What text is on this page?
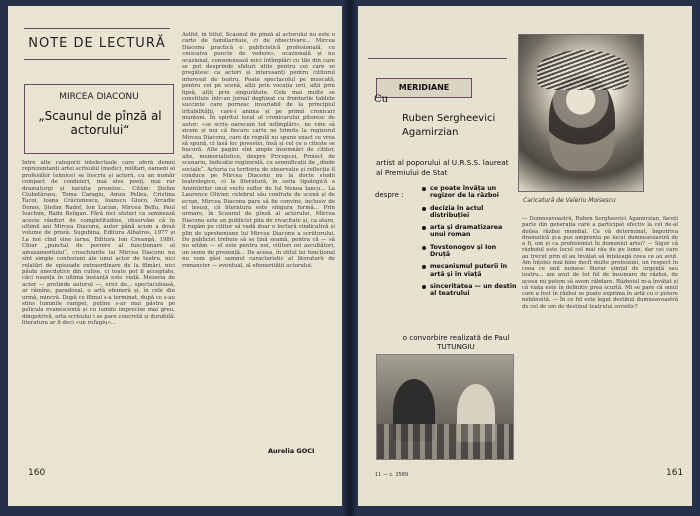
NOTE DE LECTURĂ
MIRCEA DIACONU
„Scaunul de pînză al actorului“
Intre alte categorii intelectuale care oferă demni reprezentanți artei scrisului (medici, militari, oameni ai profesiilor tehnice) se înscriu și actorii, cu un număr compact de condeieri, mai ales poeți, mai rar dramaturgi și narația prozelor... Cităm: Ștefan Ciubotărașu, Toma Caragiu, Amza Pellea, Cristina Tacoi, Ioana Crăciunescu, Ioanscu Gioco, Arcadie Donos, Ștefan Radof, Ion Lucian, Mircea Bellu, Paul Ioachim, Radu Beligan. Fără nici sfaturi ca semnează aceste rânduri de completitudine, observăm că în ultimii ani Mircea Diaconu, autor până acum a două volume de proză: Sugubina, Editura Albatros, 1977 și La noi cînd vine iarna, Editura Ion Creangă, 1980. Chiar „punctul de pornire al funcționare al amuzamentului“, croschiurile lui Mircea Diaconu nu sînt simple confesiuni ale unui actor de teatru, nici relatări de episoade extraordinare de la filmări, nici păuțe anecdotice din culise, ci toate pot fi acceptate, căci nuanța în ultima instanță este viață. Meseria de actor — pretinde autorul —, orici de... spectaculoasă, ar rămîne, paradoxal, o artă efemeră și, în cele din urmă, mincră. După ce filmul s-a terminat, după ce s-au stins luminile rampei, puține s-ar mai păstra pe pelicula evanescentă și cu lumini imprecise mai greu, dimpotrivă, arta scrisului i se pare concretă și durabilă: literatura ar fi deci «un refugiu»...
Astfel, în titlul, Scaunul de pînză al actorului nu este o carte de familiaritate, ci de obiectivare... Mircea Diaconu practică o publicistică profesională, cu «niscaiva puncte de vedere», ocazională și nu ocazional, consemnează mici întîmplări cu tile din care se pot desprinde sfaturi utile pentru cei care se pregătesc ca actori și interesanți pentru cititorul interesat de teatru. Poate spectacolul pe muscată, pentru cei pe scenă, alții prin vocația urii, alții prin lipsă, alții prin singurătate. Cele mai multe se constituie într-un jurnal deghizat cu fronturile tablete succinte care pornesc invariabil de la principiul iritabilității, care-i anima și pe primii cronicari munteni. În spiritul local al cronicarului pitoresc de autor: «se scriu oarecum tot intîmplări», ne vine să zicem și noi că fiecare carte ne trimite la regizorul Mircea Diaconu, care de regulă nu spune exact ce vrea să spună, ci lasă loc povestei, însă și cel ce o citește se bucură. Alte pagini sînt ample însemnări de cititor, alte, memorialistice, despre Pricepcei, Proiect de scenariu, Indicatie regizorală, cu semnificații de „dînde sociale“. Actoria ca teritoriu de observație și reflecție îl conduce pe Mircea Diaconu nu la docte studii teatrologice, ci la literatură, în seria tipologică a Amintirilor unui vechi suflor de Iul Nenea Iancu... La Laurence Olivier, celebrul său confrate de scenă și de ecran, Mircea Diaconu pare să fie convins, inclusiv de el însuși, că literatura este singura formă... Prin urmare, în Scaunul de pînză al actorului, Mircea Diaconu este un publicist plin de vivacitate și, ca atare, îl rugăm pe cititor să vadă doar o lectură vindicativă și plin de apreheniune lui Mircea Diaconu a scriitorului. De publicist trebuie să se țină seamă, pentru că — să nu uităm — el este pentru noi, cititori ori ascultători, un semn de prezență... De aceea, în stilul lui funcțional nu vom găsi semnul caracteristic al literaturii de romancier — eventual, al efemerității actorului.
Aurelia GOCI
160
MERIDIANE
Cu
Ruben Sergheevici Agamirzian
artist al poporului al U.R.S.S. laureat al Premiului de Stat
despre :
ce poate învăța un regizor de la război
decizia în actul distribuției
arta și dramatizarea unui roman
Tovstonogov și Ion Druță
mecanismul puterii în artă și în viață
sinceritatea — un destin al teatrului
o convorbire realizată de Paul TUTUNGIU
Caricatură de Valeriu Moisescu
— Dumneavoastră, Ruben Sergheevici Agamirzian, faceți parte din generația care a participat efectiv la cel de-al doilea război mondial. Ce vă determinat, împotriva dramatică și-a pus amprenta pe locul dumneavoastră de a fi, om și ca profesionist în domeniul artei? — Sigur că războiul este locul cel mai rău de pe lume, dar cei care au trecut prin el au învățat să înțeleagă ceea ce au avut. Am înțeles mai bine decît multe profesiuni, un respect în ceea ce unii numesc literar simțul de urgență sau teatru... am avut de tot fel de însumare de război, de aceea nu putem să avem răbdare. Războiul m-a învățat și că viața este în definitiv prea scurtă. Mi se pare că omul care a fost în război se poate exprima în artă cu o putere nebănuită. — În ce fel este legat destinul dumneavoastră de cel de om de destinul teatrului sovietic?
11 — c. 2589	161
